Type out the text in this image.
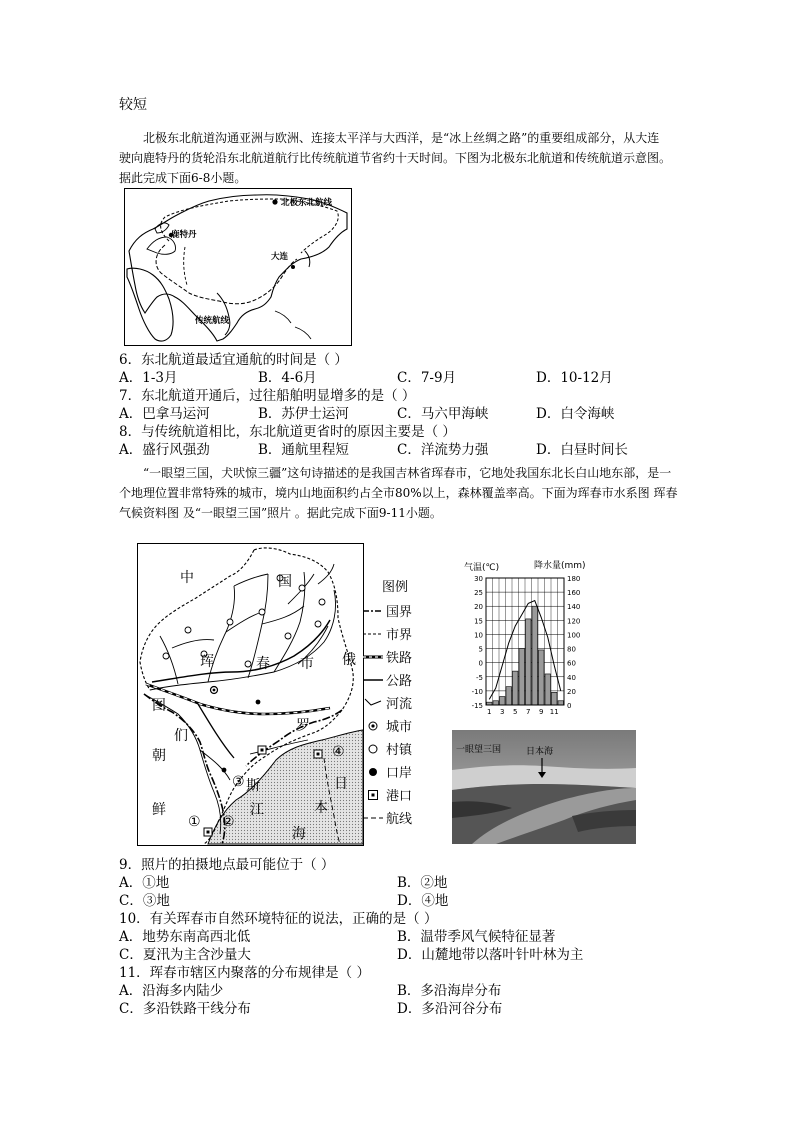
较短
北极东北航道沟通亚洲与欧洲、连接太平洋与大西洋，是“冰上丝绸之路”的重要组成部分，从大连驶向鹿特丹的货轮沿东北航道航行比传统航道节省约十天时间。下图为北极东北航道和传统航道示意图。据此完成下面6-8小题。
北极东北航线
鹿特丹
大连
传统航线
6．东北航道最适宜通航的时间是（ ）
A．1-3月	B．4-6月	C．7-9月	D．10-12月
7．东北航道开通后，过往船舶明显增多的是（ ）
A．巴拿马运河	B．苏伊士运河	C．马六甲海峡	D．白令海峡
8．与传统航道相比，东北航道更省时的原因主要是（ ）
A．盛行风强劲	B．通航里程短	C．洋流势力强	D．白昼时间长
“一眼望三国，犬吠惊三疆”这句诗描述的是我国吉林省珲春市，它地处我国东北长白山地东部，是一个地理位置非常特殊的城市，境内山地面积约占全市80%以上，森林覆盖率高。下面为珲春市水系图 珲春气候资料图 及“一眼望三国”照片 。据此完成下面9-11小题。
中	国
珲	春 市 俄
罗
斯
朝
鲜
图
们
江
日
本
海
① ②
③
④
图例
国界
市界
铁路
公路
河流
城市
村镇
口岸
港口
航线
气温(℃)	降水量(mm)
30
25
20
15
10
5
0
-5
-10
-15
180
160
140
120
100
80
60
40
20
0
1 3 5 7 9 11
一眼望三国	日本海
9．照片的拍摄地点最可能位于（ ）
A．①地	B．②地
C．③地	D．④地
10．有关珲春市自然环境特征的说法，正确的是（ ）
A．地势东南高西北低	B．温带季风气候特征显著
C．夏汛为主含沙量大	D．山麓地带以落叶针叶林为主
11．珲春市辖区内聚落的分布规律是（ ）
A．沿海多内陆少	B．多沿海岸分布
C．多沿铁路干线分布	D．多沿河谷分布
